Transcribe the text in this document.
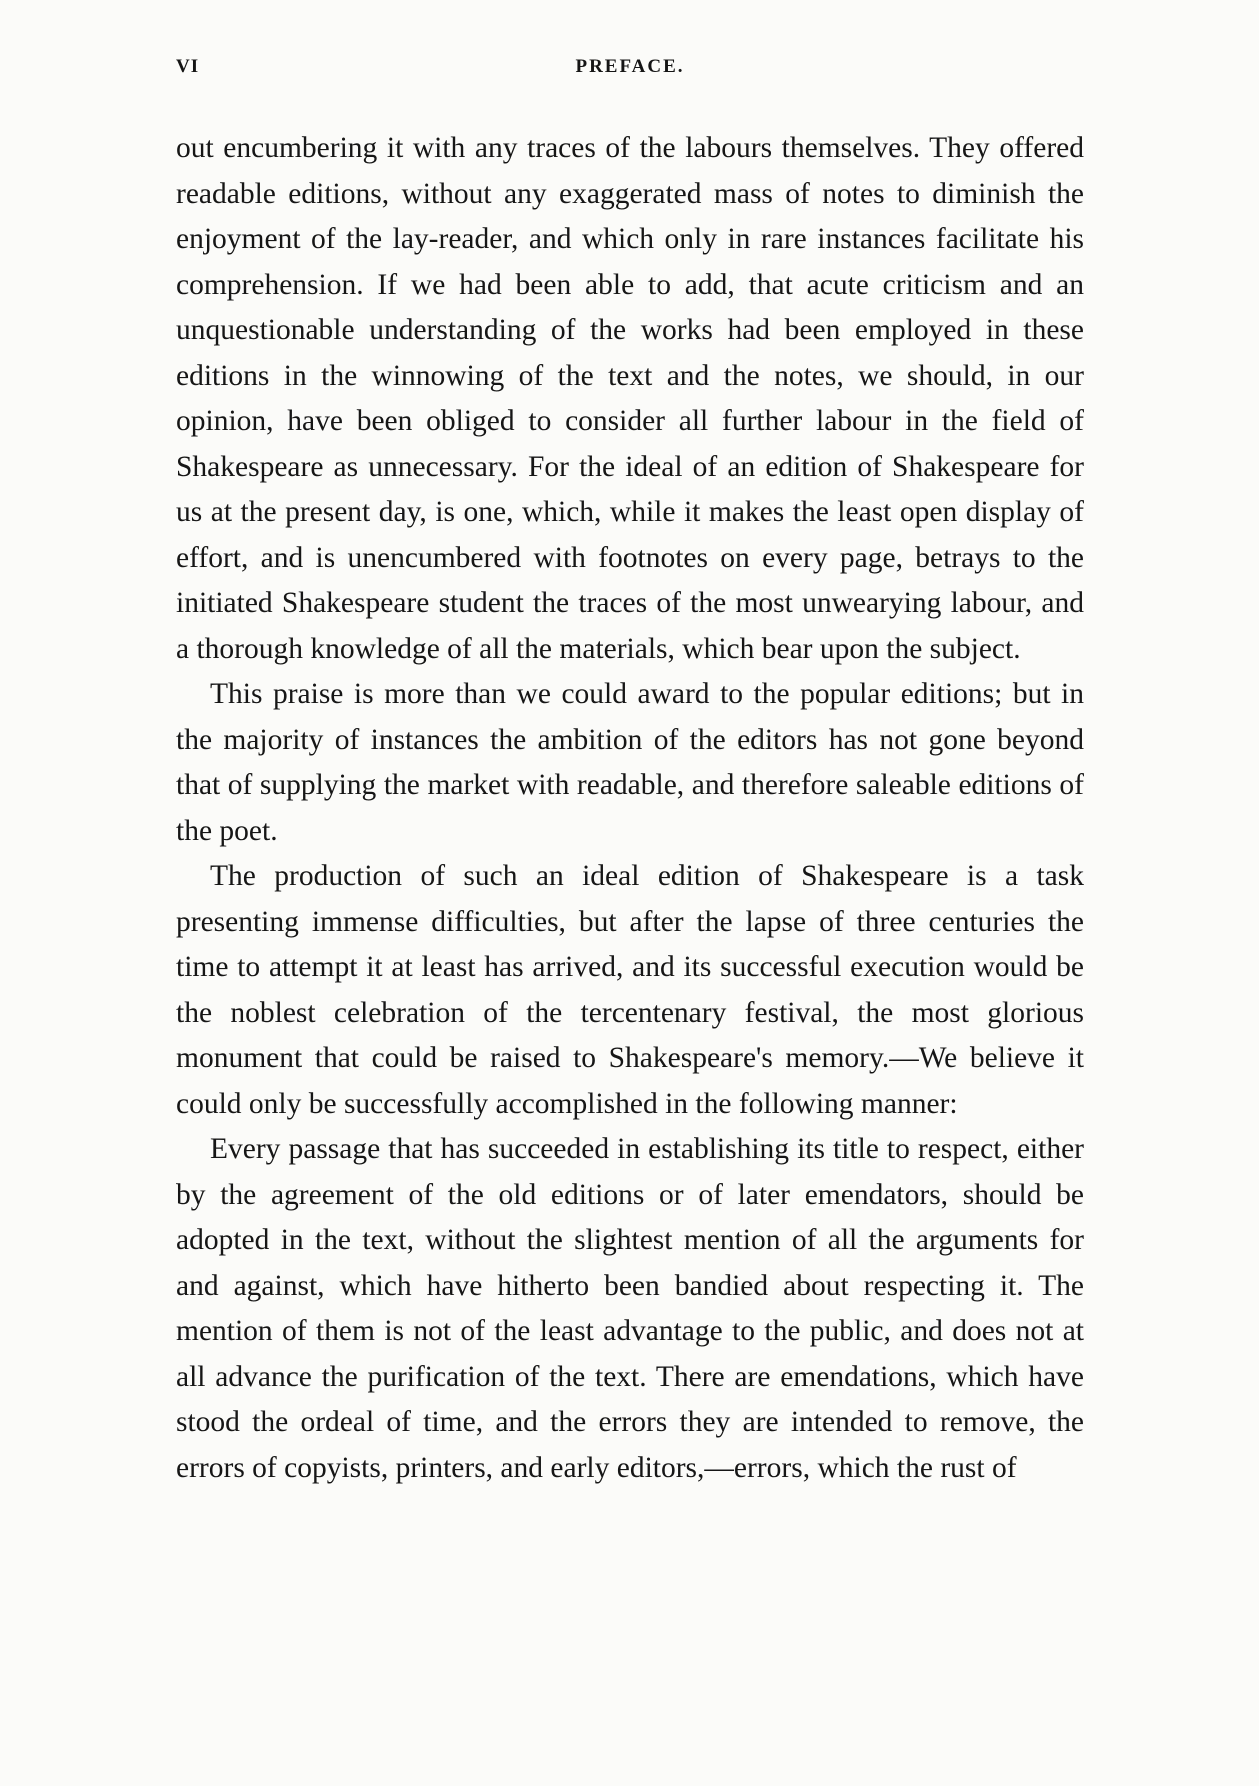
VI	PREFACE.

out encumbering it with any traces of the labours themselves. They offered readable editions, without any exaggerated mass of notes to diminish the enjoyment of the lay-reader, and which only in rare instances facilitate his comprehension. If we had been able to add, that acute criticism and an unquestionable understanding of the works had been employed in these editions in the winnowing of the text and the notes, we should, in our opinion, have been obliged to consider all further labour in the field of Shakespeare as unnecessary. For the ideal of an edition of Shakespeare for us at the present day, is one, which, while it makes the least open display of effort, and is unencumbered with footnotes on every page, betrays to the initiated Shakespeare student the traces of the most unwearying labour, and a thorough knowledge of all the materials, which bear upon the subject.

This praise is more than we could award to the popular editions; but in the majority of instances the ambition of the editors has not gone beyond that of supplying the market with readable, and therefore saleable editions of the poet.

The production of such an ideal edition of Shakespeare is a task presenting immense difficulties, but after the lapse of three centuries the time to attempt it at least has arrived, and its successful execution would be the noblest celebration of the tercentenary festival, the most glorious monument that could be raised to Shakespeare's memory.—We believe it could only be successfully accomplished in the following manner:

Every passage that has succeeded in establishing its title to respect, either by the agreement of the old editions or of later emendators, should be adopted in the text, without the slightest mention of all the arguments for and against, which have hitherto been bandied about respecting it. The mention of them is not of the least advantage to the public, and does not at all advance the purification of the text. There are emendations, which have stood the ordeal of time, and the errors they are intended to remove, the errors of copyists, printers, and early editors,—errors, which the rust of
